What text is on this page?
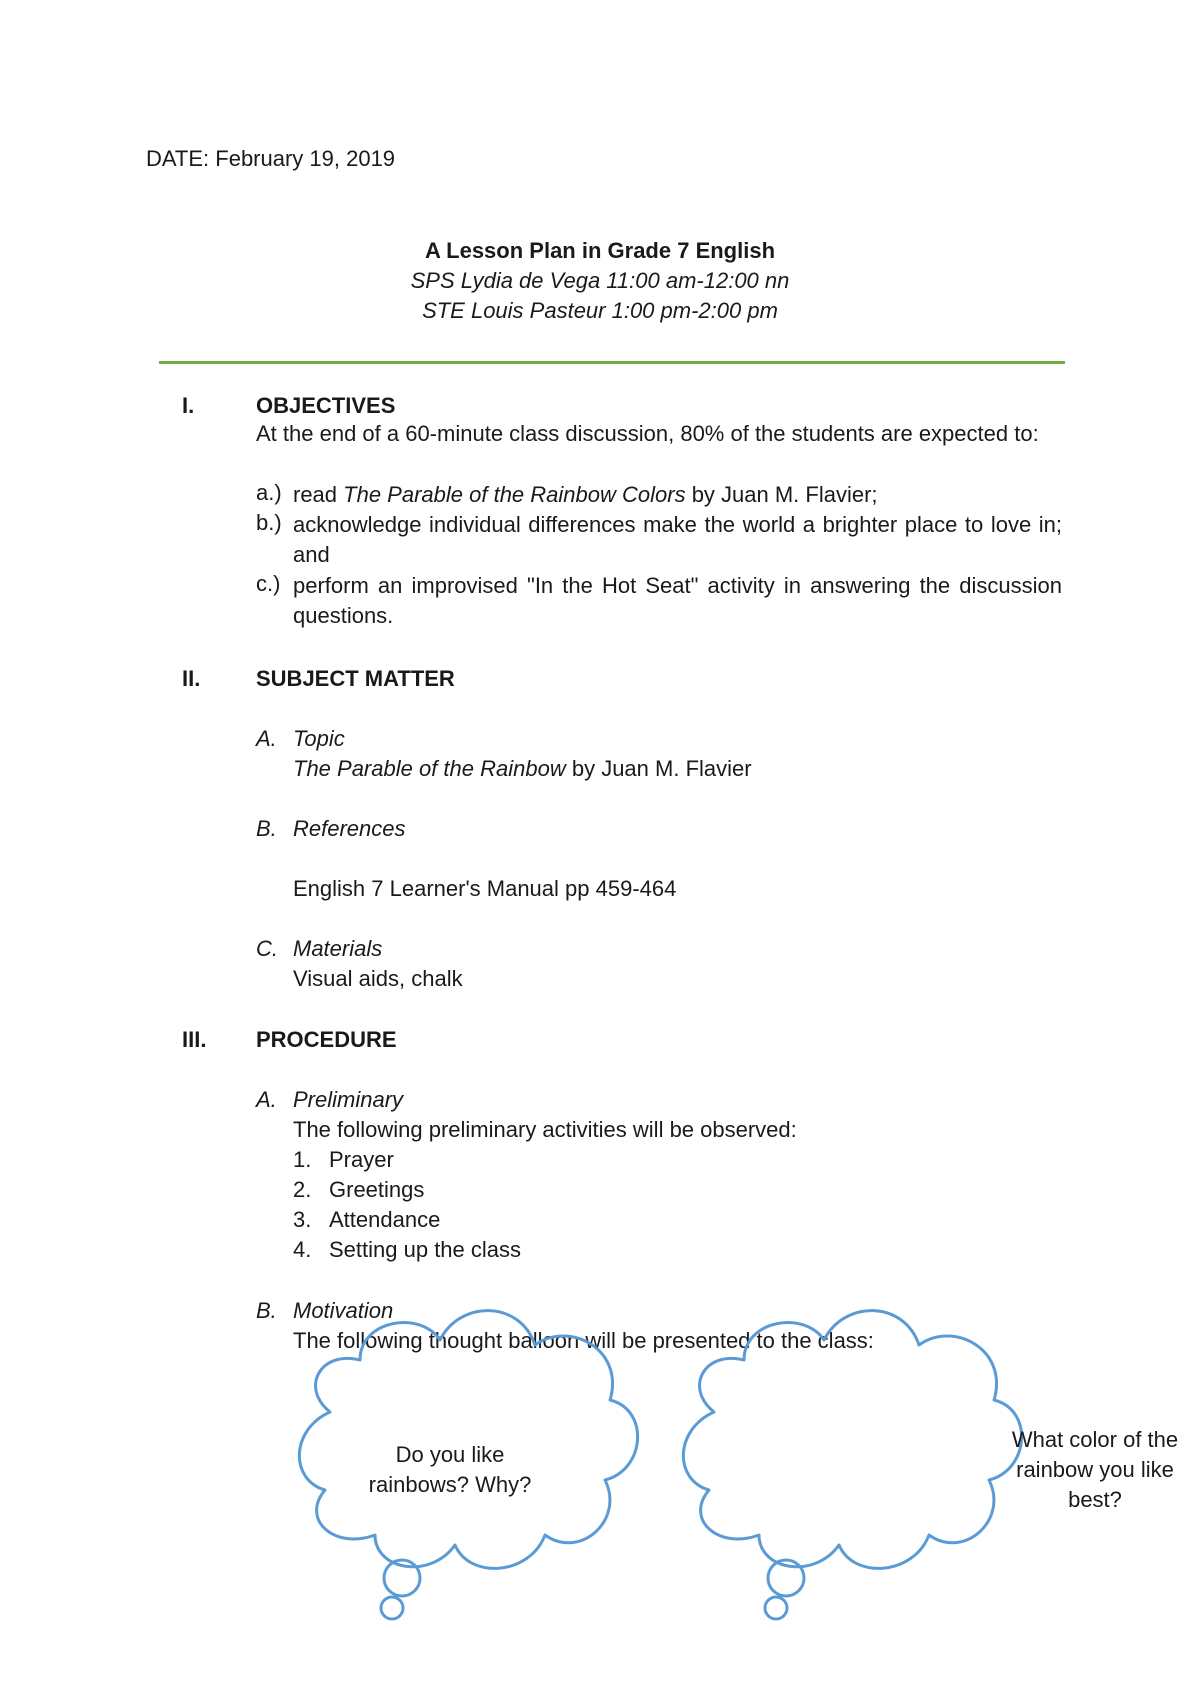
DATE: February 19, 2019
A Lesson Plan in Grade 7 English
SPS Lydia de Vega 11:00 am-12:00 nn
STE Louis Pasteur 1:00 pm-2:00 pm
I.	OBJECTIVES
At the end of a 60-minute class discussion, 80% of the students are expected to:
a.) read The Parable of the Rainbow Colors by Juan M. Flavier;
b.) acknowledge individual differences make the world a brighter place to love in; and
c.) perform an improvised "In the Hot Seat" activity in answering the discussion questions.
II.	SUBJECT MATTER
A. Topic
The Parable of the Rainbow by Juan M. Flavier
B. References
English 7 Learner's Manual pp 459-464
C. Materials
Visual aids, chalk
III. PROCEDURE
A. Preliminary
The following preliminary activities will be observed:
1. Prayer
2. Greetings
3. Attendance
4. Setting up the class
B. Motivation
The following thought balloon will be presented to the class:
Do you like
rainbows? Why?
What color of the
rainbow you like
best?
